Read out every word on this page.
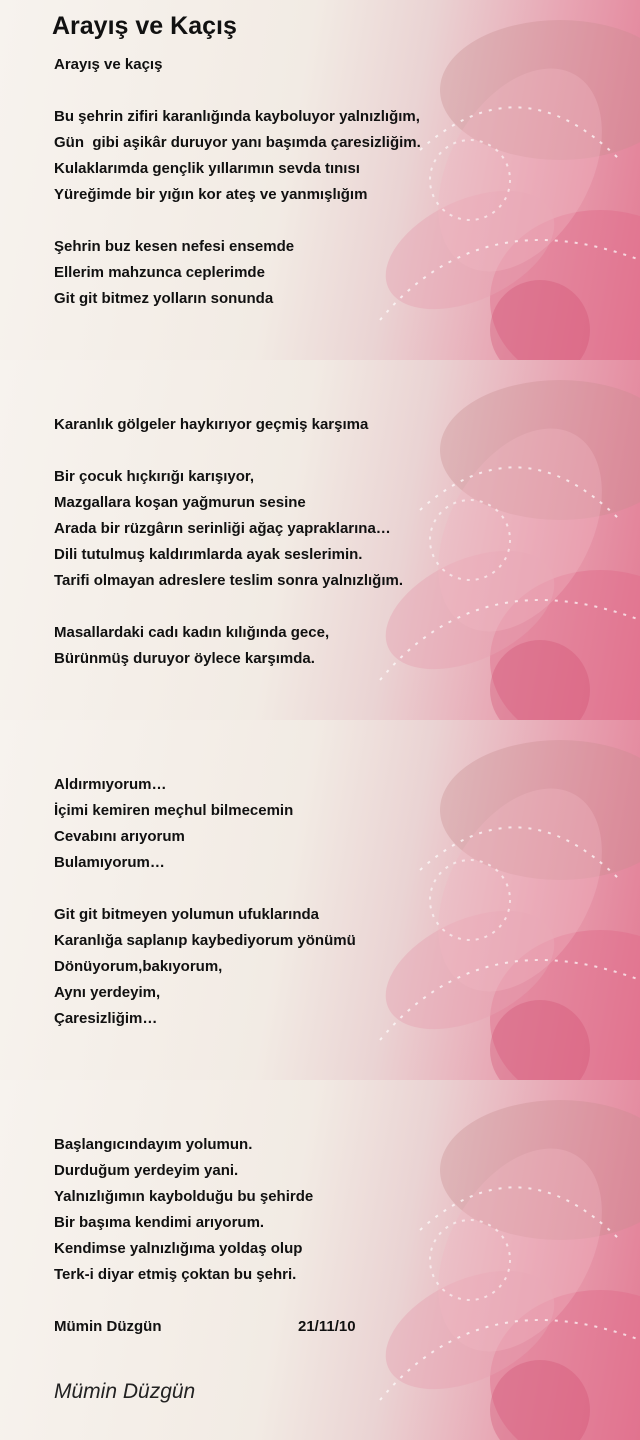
Arayış ve Kaçış

Arayış ve kaçış

Bu şehrin zifiri karanlığında kayboluyor yalnızlığım,

Gün  gibi aşikâr duruyor yanı başımda çaresizliğim.

Kulaklarımda gençlik yıllarımın sevda tınısı

Yüreğimde bir yığın kor ateş ve yanmışlığım

Şehrin buz kesen nefesi ensemde

Ellerim mahzunca ceplerimde

Git git bitmez yolların sonunda

Karanlık gölgeler haykırıyor geçmiş karşıma

Bir çocuk hıçkırığı karışıyor,

Mazgallara koşan yağmurun sesine

Arada bir rüzgârın serinliği ağaç yapraklarına…

Dili tutulmuş kaldırımlarda ayak seslerimin.

Tarifi olmayan adreslere teslim sonra yalnızlığım.

Masallardaki cadı kadın kılığında gece,

Bürünmüş duruyor öylece karşımda.

Aldırmıyorum…

İçimi kemiren meçhul bilmecemin

Cevabını arıyorum

Bulamıyorum…

Git git bitmeyen yolumun ufuklarında

Karanlığa saplanıp kaybediyorum yönümü

Dönüyorum,bakıyorum,

Aynı yerdeyim,

Çaresizliğim…

Başlangıcındayım yolumun.

Durduğum yerdeyim yani.

Yalnızlığımın kaybolduğu bu şehirde

Bir başıma kendimi arıyorum.

Kendimse yalnızlığıma yoldaş olup

Terk-i diyar etmiş çoktan bu şehri.

Mümin Düzgün	21/11/10

Mümin Düzgün
